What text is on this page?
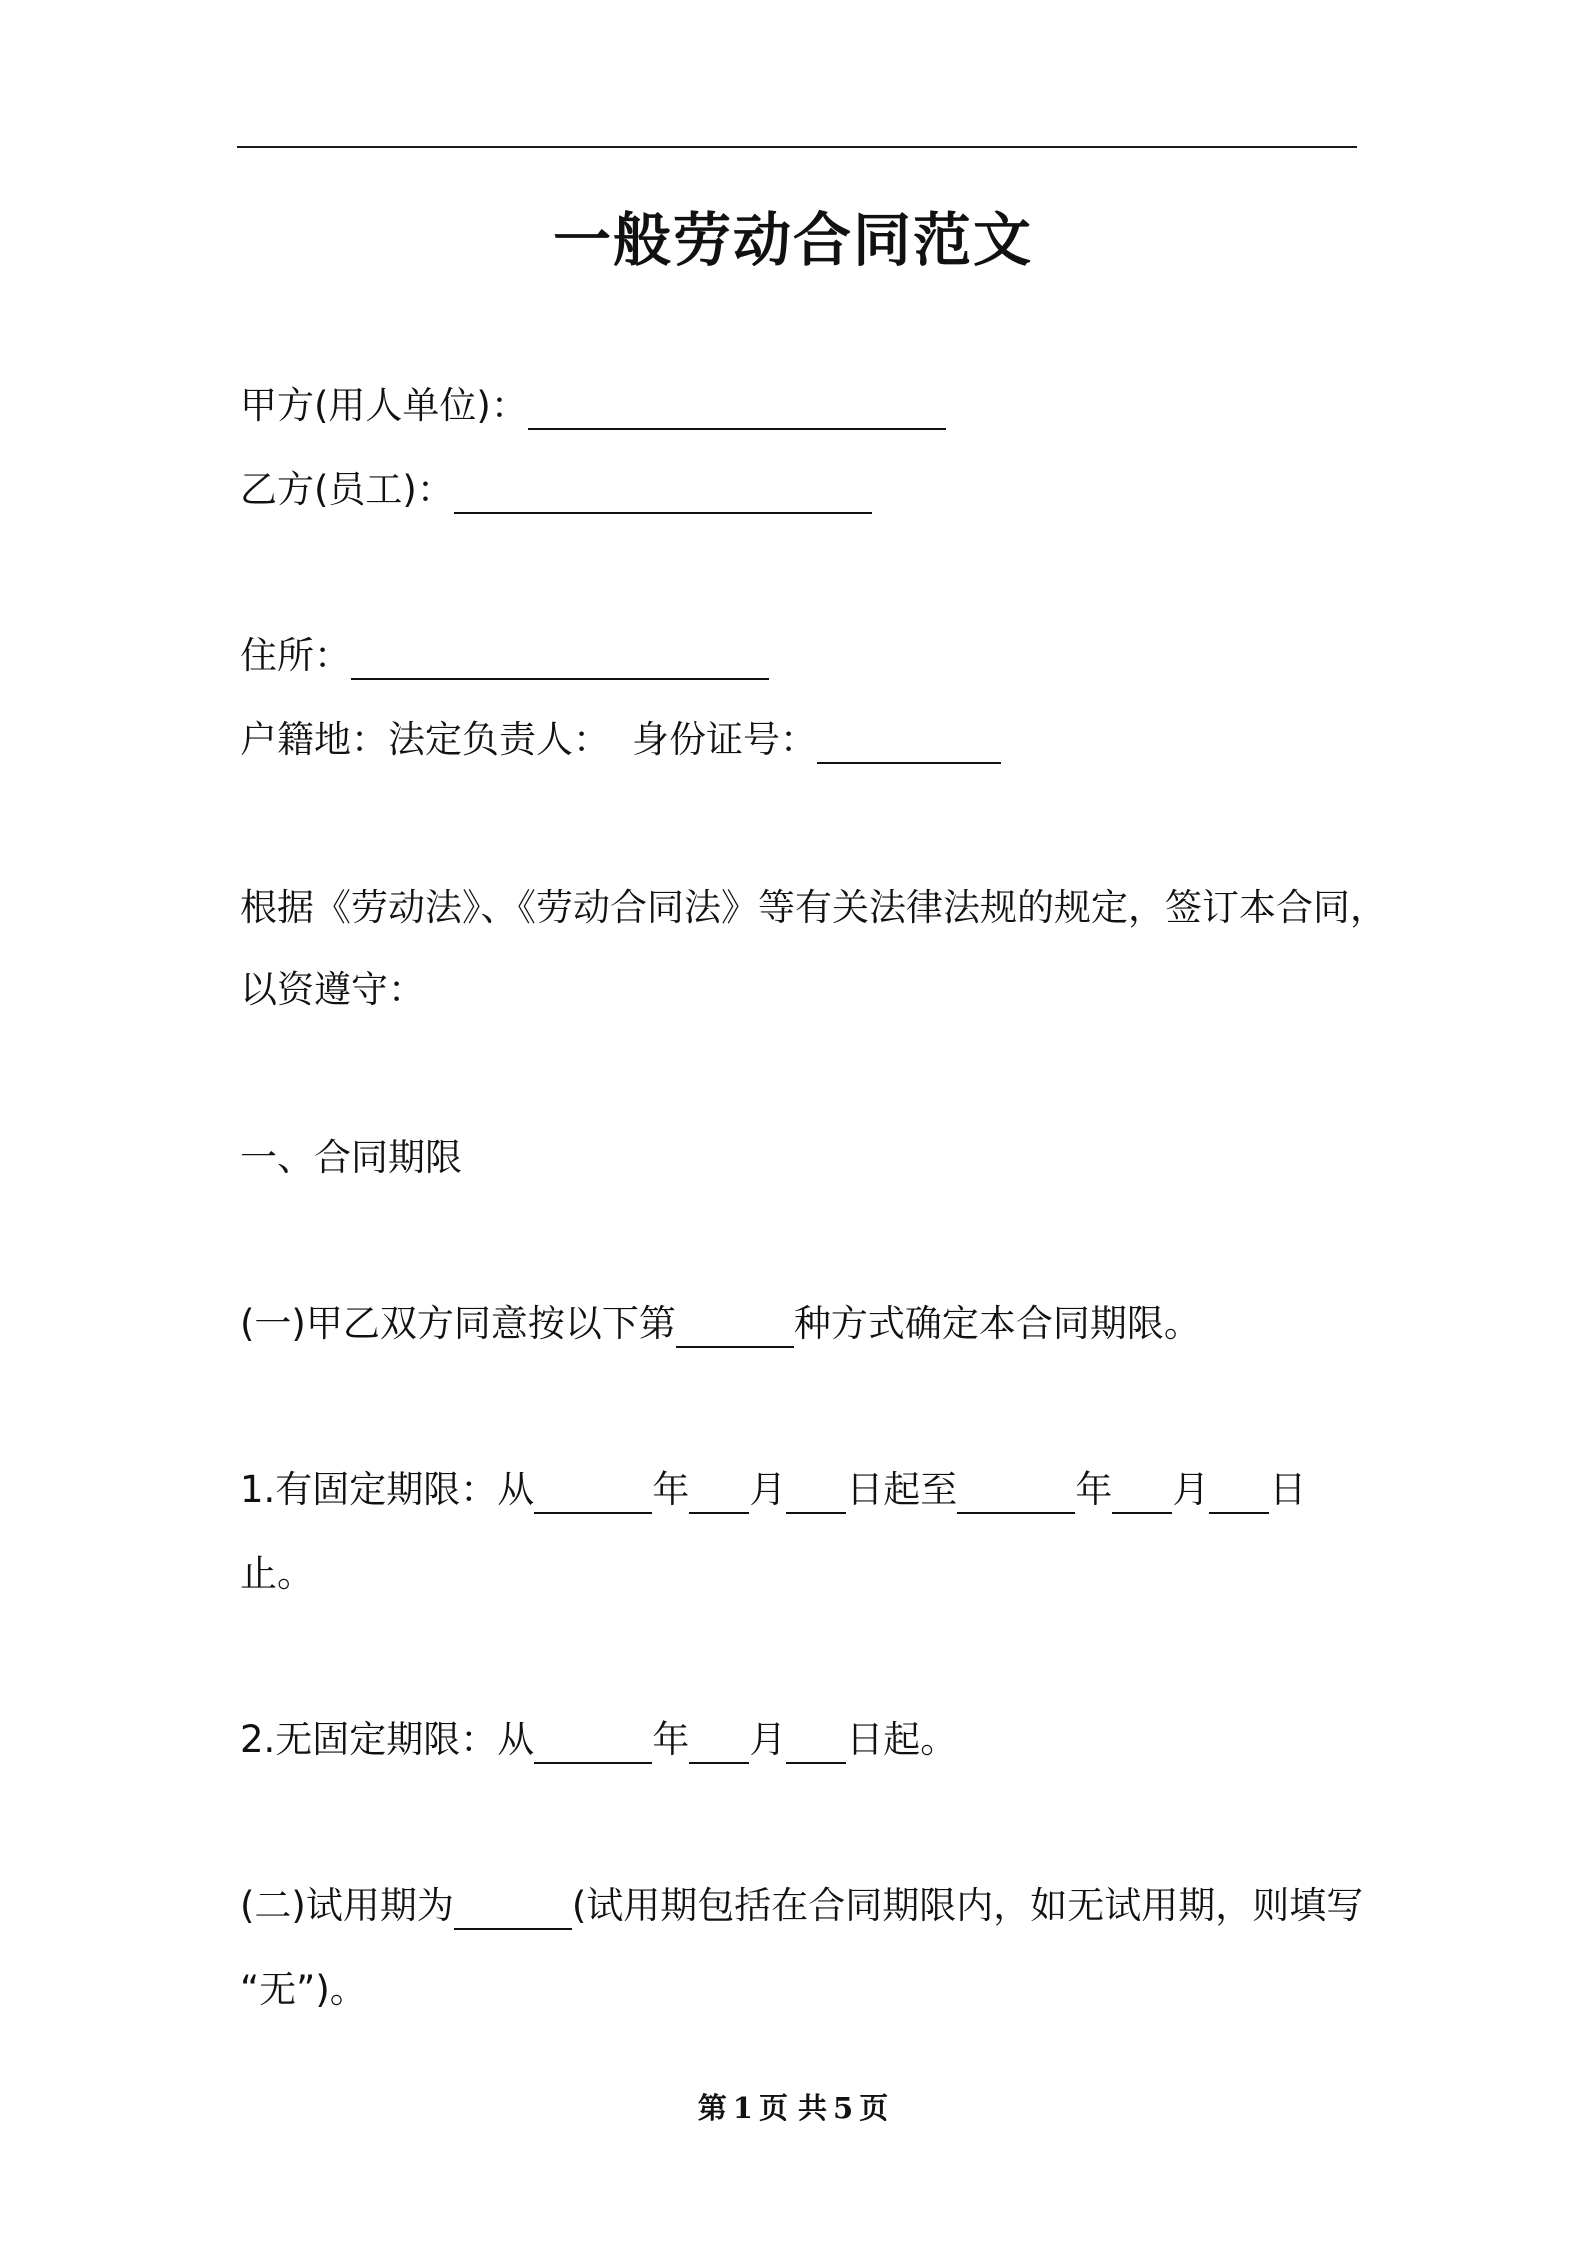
一般劳动合同范文
甲方(用人单位)：
乙方(员工)：
住所：
户籍地：法定负责人： 身份证号：
根据《劳动法》、《劳动合同法》等有关法律法规的规定，签订本合同，
以资遵守：
一、合同期限
(一)甲乙双方同意按以下第	种方式确定本合同期限。
1.有固定期限：从	年 月 日起至	年 月 日
止。
2.无固定期限：从	年 月 日起。
(二)试用期为	(试用期包括在合同期限内，如无试用期，则填写
“无”)。
第 1 页 共 5 页
